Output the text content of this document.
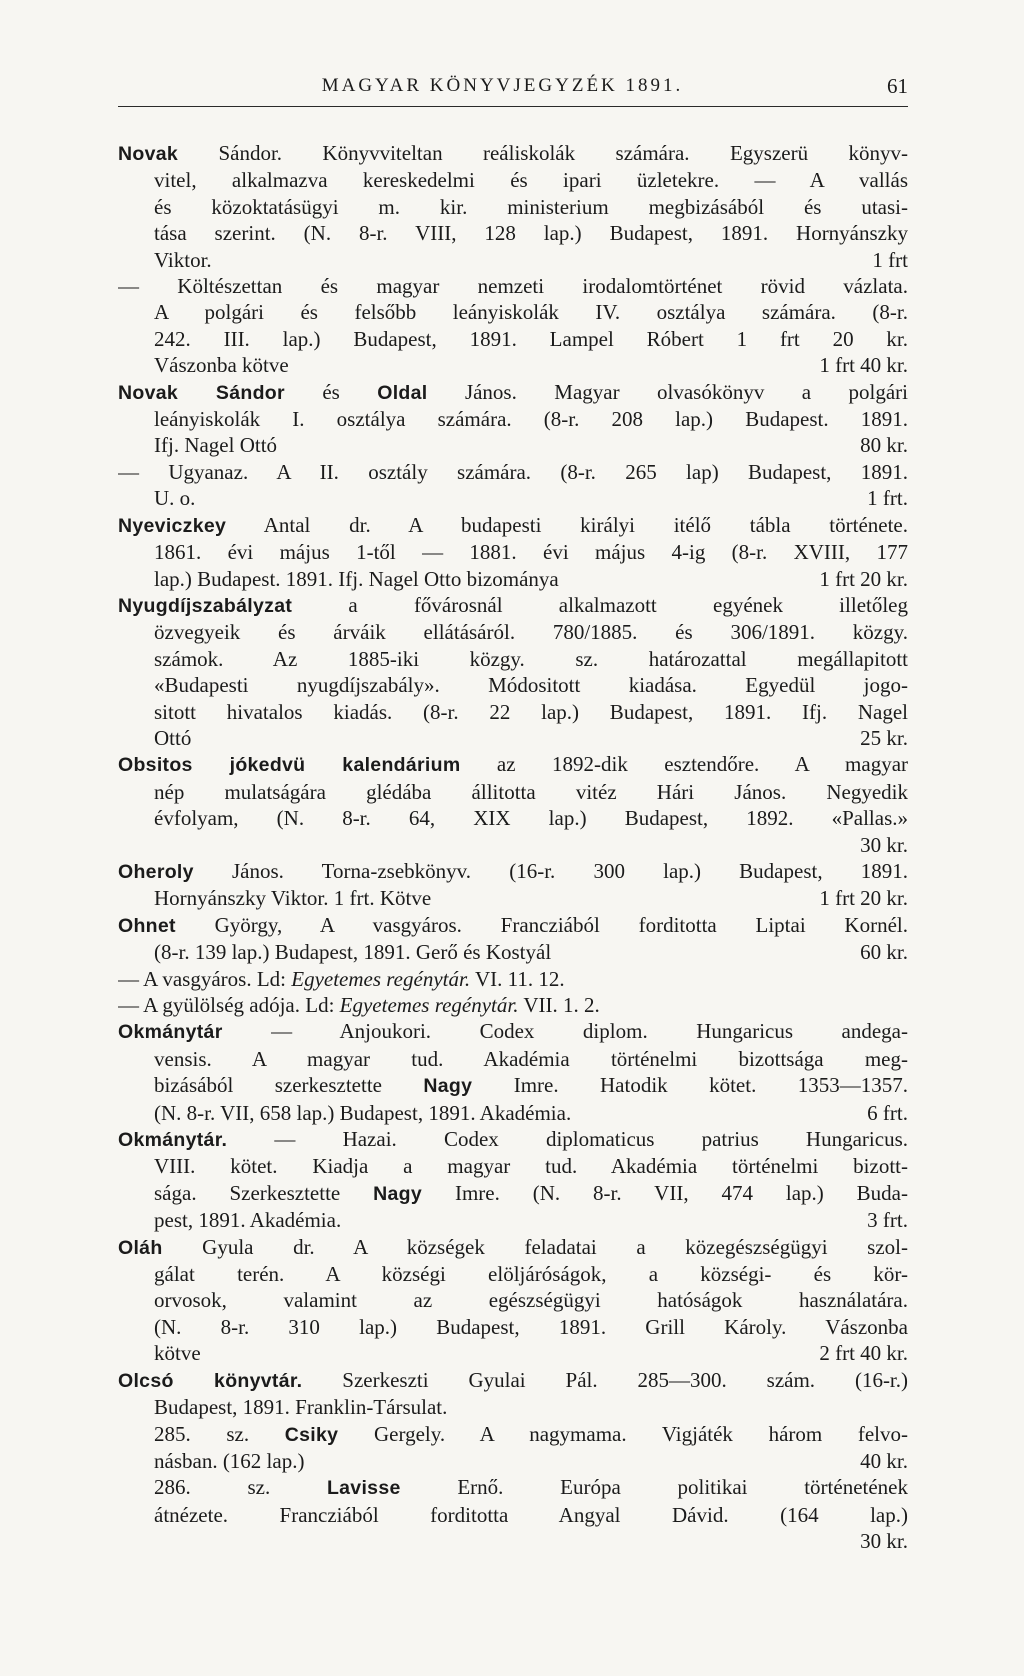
MAGYAR KÖNYVJEGYZÉK 1891.	61
Novak Sándor. Könyvviteltan reáliskolák számára. Egyszerü könyv-
vitel, alkalmazva kereskedelmi és ipari üzletekre. — A vallás
és közoktatásügyi m. kir. ministerium megbizásából és utasi-
tása szerint. (N. 8-r. VIII, 128 lap.) Budapest, 1891. Hornyánszky
1 frt
Viktor.
— Költészettan és magyar nemzeti irodalomtörténet rövid vázlata.
A polgári és felsőbb leányiskolák IV. osztálya számára. (8-r.
242. III. lap.) Budapest, 1891. Lampel Róbert 1 frt 20 kr.
1 frt 40 kr.
Vászonba kötve
Novak Sándor és Oldal János. Magyar olvasókönyv a polgári
leányiskolák I. osztálya számára. (8-r. 208 lap.) Budapest. 1891.
80 kr.
Ifj. Nagel Ottó
— Ugyanaz. A II. osztály számára. (8-r. 265 lap) Budapest, 1891.
1 frt.
U. o.
Nyeviczkey Antal dr. A budapesti királyi itélő tábla története.
1861. évi május 1-től — 1881. évi május 4-ig (8-r. XVIII, 177
1 frt 20 kr.
lap.) Budapest. 1891. Ifj. Nagel Otto bizománya
Nyugdíjszabályzat a fővárosnál alkalmazott egyének illetőleg
özvegyeik és árváik ellátásáról. 780/1885. és 306/1891. közgy.
számok. Az 1885-iki közgy. sz. határozattal megállapitott
«Budapesti nyugdíjszabály». Módositott kiadása. Egyedül jogo-
sitott hivatalos kiadás. (8-r. 22 lap.) Budapest, 1891. Ifj. Nagel
25 kr.
Ottó
Obsitos jókedvü kalendárium az 1892-dik esztendőre. A magyar
nép mulatságára glédába állitotta vitéz Hári János. Negyedik
évfolyam, (N. 8-r. 64, XIX lap.) Budapest, 1892. «Pallas.»
30 kr.
Oheroly János. Torna-zsebkönyv. (16-r. 300 lap.) Budapest, 1891.
1 frt 20 kr.
Hornyánszky Viktor. 1 frt. Kötve
Ohnet György, A vasgyáros. Francziából forditotta Liptai Kornél.
60 kr.
(8-r. 139 lap.) Budapest, 1891. Gerő és Kostyál
— A vasgyáros. Ld: Egyetemes regénytár. VI. 11. 12.
— A gyülölség adója. Ld: Egyetemes regénytár. VII. 1. 2.
Okmánytár — Anjoukori. Codex diplom. Hungaricus andega-
vensis. A magyar tud. Akadémia történelmi bizottsága meg-
bizásából szerkesztette Nagy Imre. Hatodik kötet. 1353—1357.
6 frt.
(N. 8-r. VII, 658 lap.) Budapest, 1891. Akadémia.
Okmánytár. — Hazai. Codex diplomaticus patrius Hungaricus.
VIII. kötet. Kiadja a magyar tud. Akadémia történelmi bizott-
sága. Szerkesztette Nagy Imre. (N. 8-r. VII, 474 lap.) Buda-
3 frt.
pest, 1891. Akadémia.
Oláh Gyula dr. A községek feladatai a közegészségügyi szol-
gálat terén. A községi elöljáróságok, a községi- és kör-
orvosok, valamint az egészségügyi hatóságok használatára.
(N. 8-r. 310 lap.) Budapest, 1891. Grill Károly. Vászonba
2 frt 40 kr.
kötve
Olcsó könyvtár. Szerkeszti Gyulai Pál. 285—300. szám. (16-r.)
Budapest, 1891. Franklin-Társulat.
285. sz. Csiky Gergely. A nagymama. Vigjáték három felvo-
40 kr.
násban. (162 lap.)
286. sz. Lavisse Ernő. Európa politikai történetének
átnézete. Francziából forditotta Angyal Dávid. (164 lap.)
30 kr.
